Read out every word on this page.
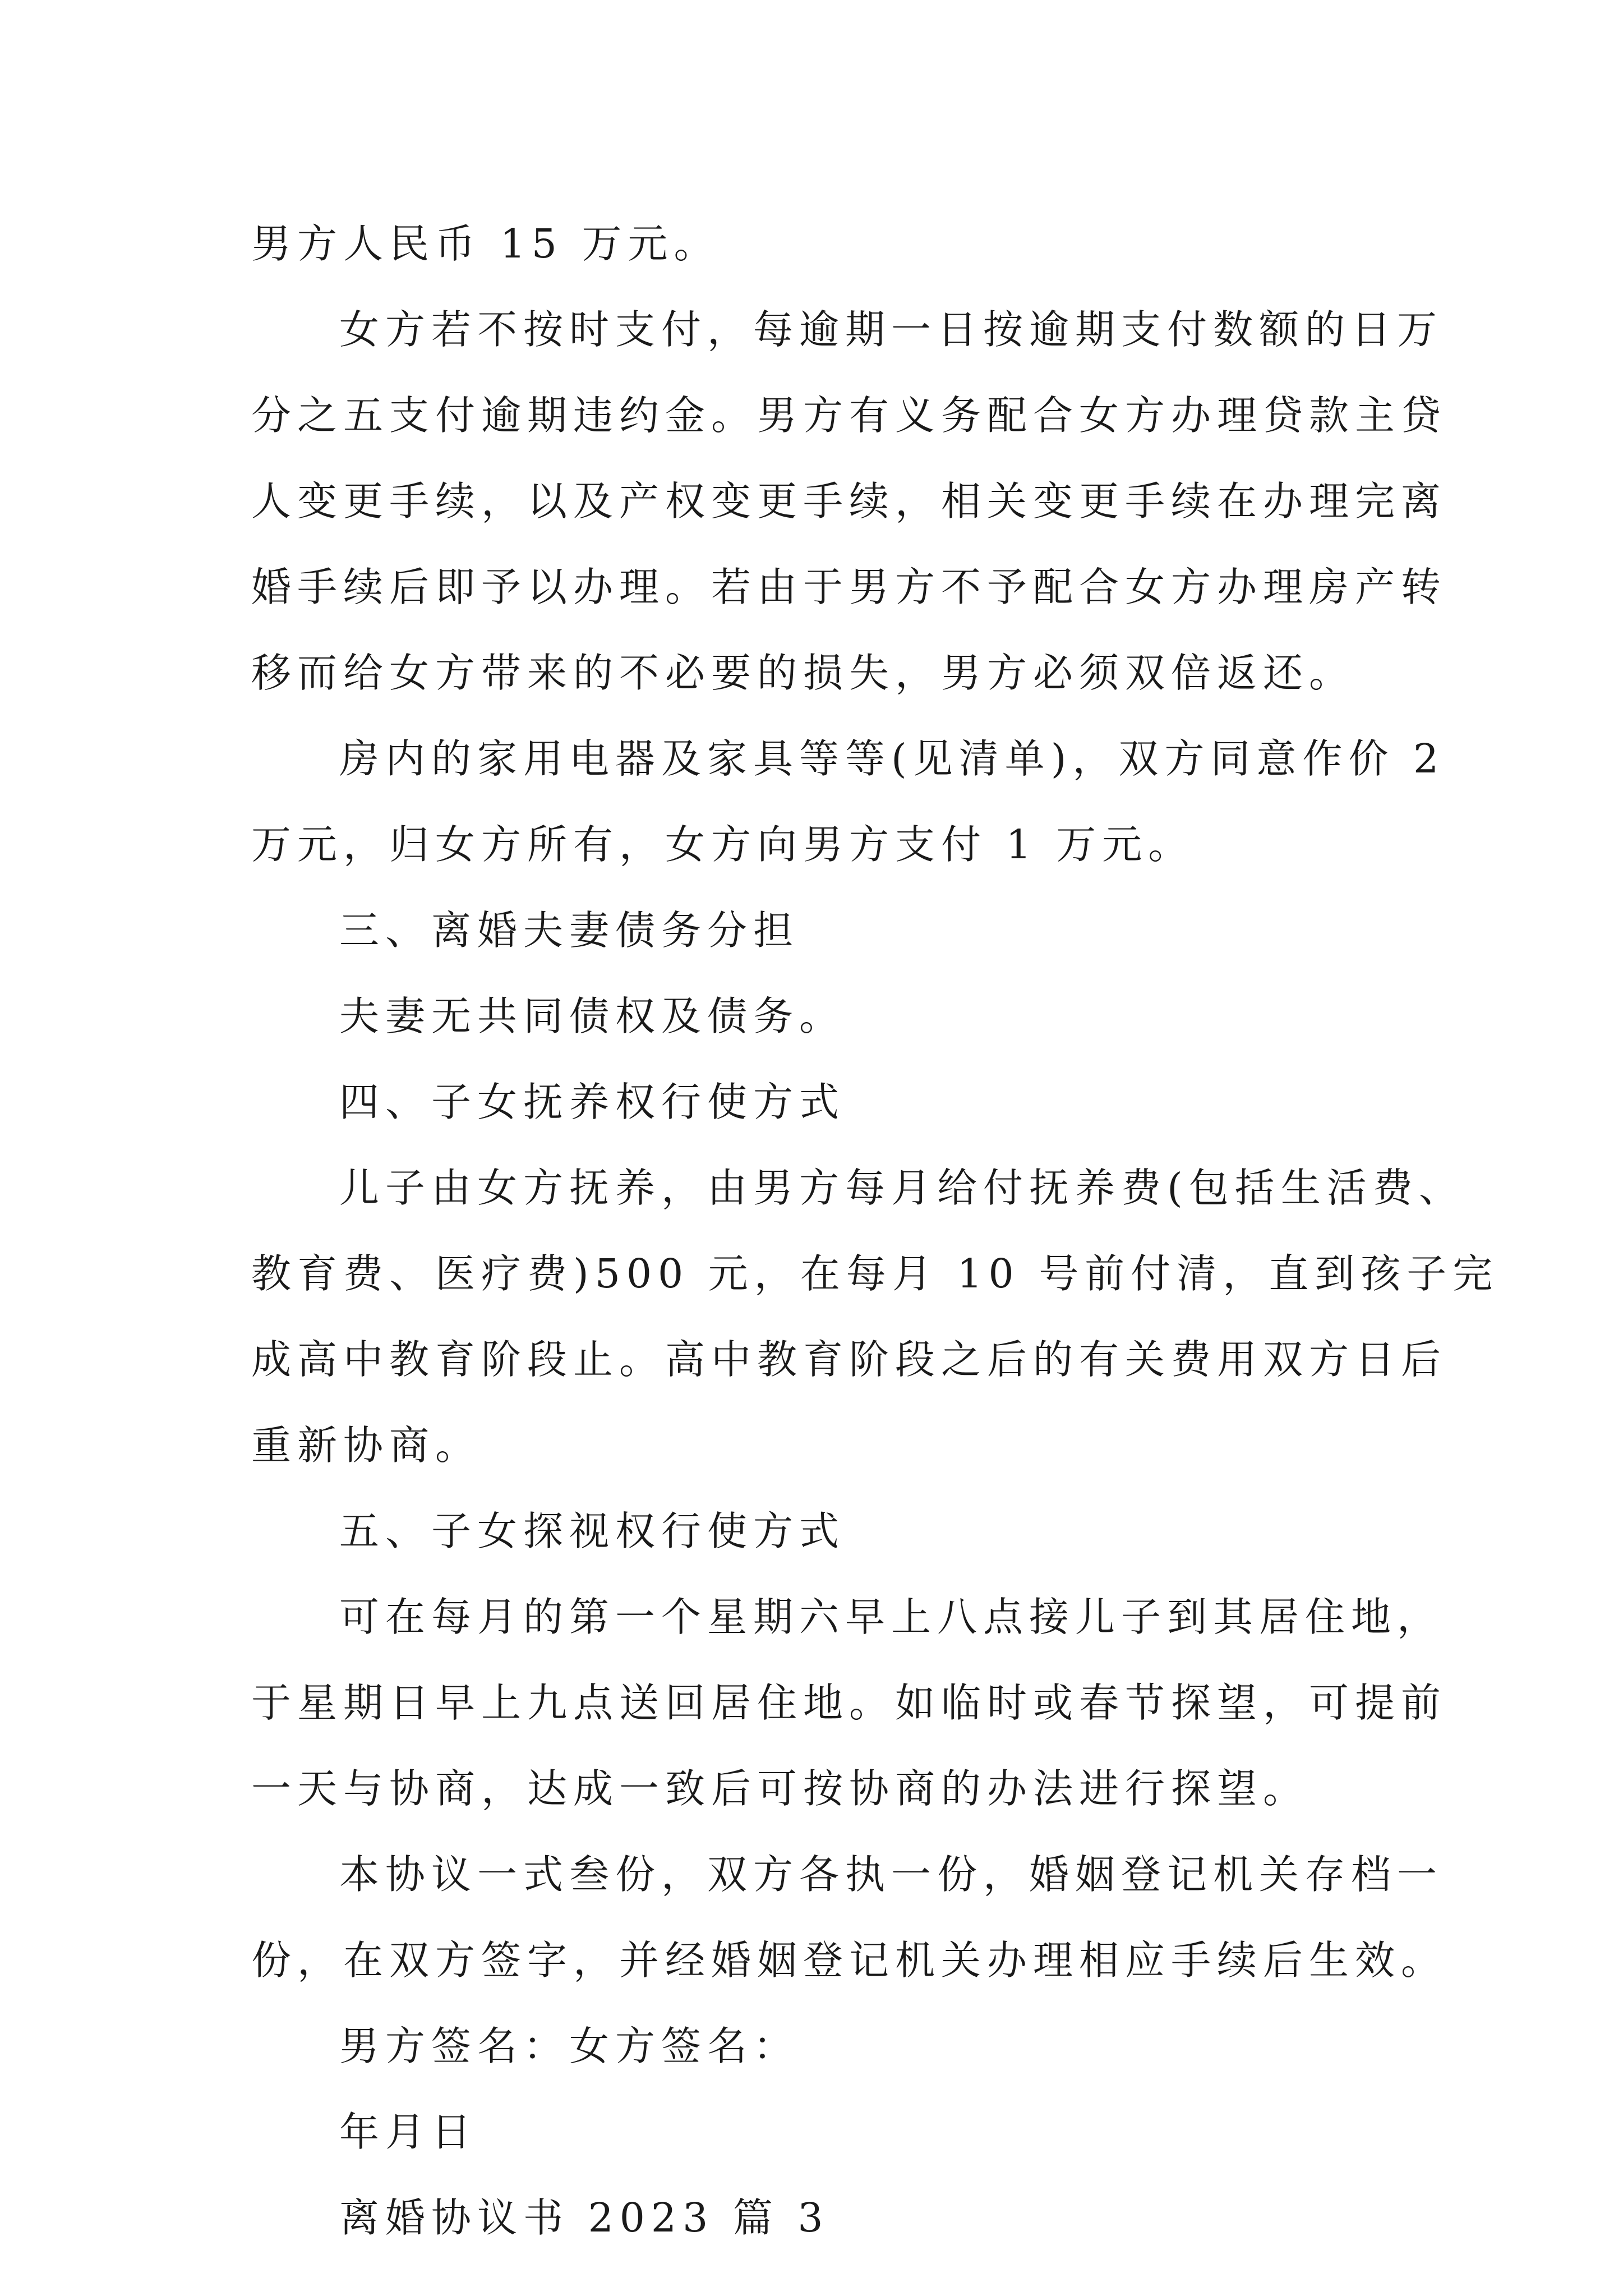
男方人民币 15 万元。
女方若不按时支付，每逾期一日按逾期支付数额的日万
分之五支付逾期违约金。男方有义务配合女方办理贷款主贷
人变更手续，以及产权变更手续，相关变更手续在办理完离
婚手续后即予以办理。若由于男方不予配合女方办理房产转
移而给女方带来的不必要的损失，男方必须双倍返还。
房内的家用电器及家具等等(见清单)，双方同意作价 2
万元，归女方所有，女方向男方支付 1 万元。
三、离婚夫妻债务分担
夫妻无共同债权及债务。
四、子女抚养权行使方式
儿子由女方抚养，由男方每月给付抚养费(包括生活费、
教育费、医疗费)500 元，在每月 10 号前付清，直到孩子完
成高中教育阶段止。高中教育阶段之后的有关费用双方日后
重新协商。
五、子女探视权行使方式
可在每月的第一个星期六早上八点接儿子到其居住地，
于星期日早上九点送回居住地。如临时或春节探望，可提前
一天与协商，达成一致后可按协商的办法进行探望。
本协议一式叁份，双方各执一份，婚姻登记机关存档一
份，在双方签字，并经婚姻登记机关办理相应手续后生效。
男方签名：女方签名：
年月日
离婚协议书 2023 篇 3
